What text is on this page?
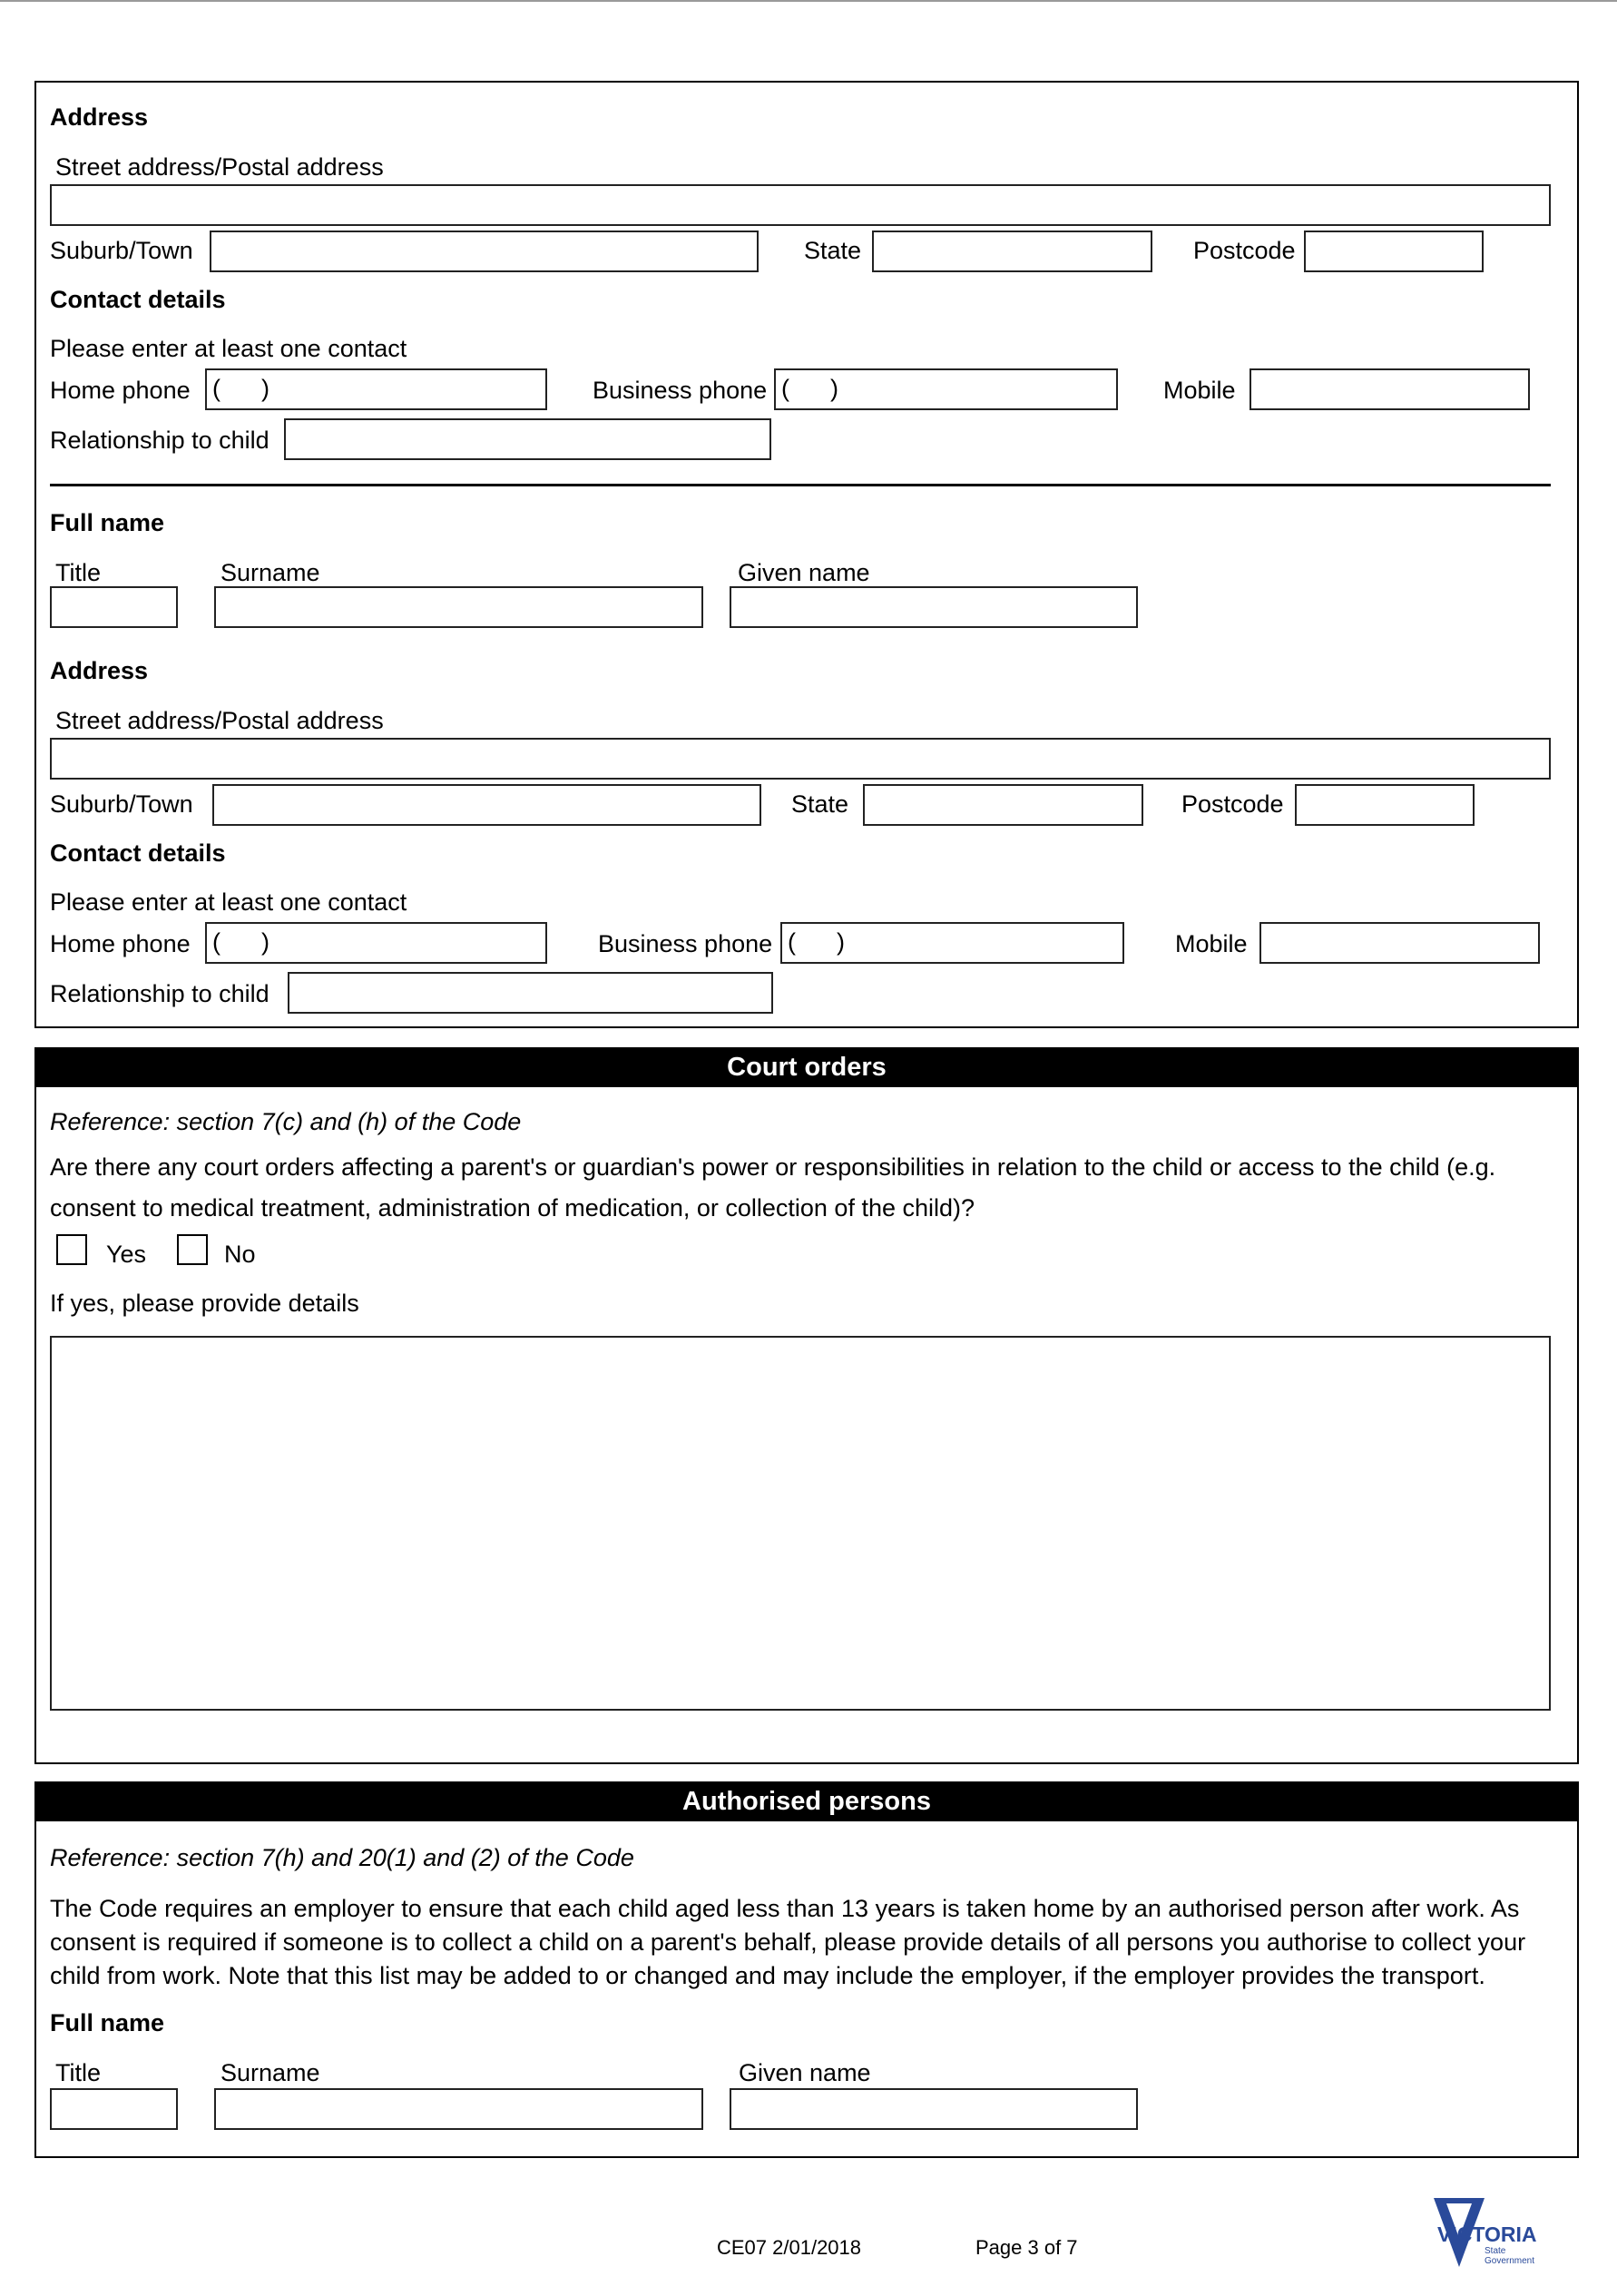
Address
Street address/Postal address
Suburb/Town	State	Postcode
Contact details
Please enter at least one contact
Home phone (      )	Business phone (      )	Mobile
Relationship to child
Full name
Title	Surname	Given name
Address
Street address/Postal address
Suburb/Town	State	Postcode
Contact details
Please enter at least one contact
Home phone (      )	Business phone (      )	Mobile
Relationship to child
Court orders
Reference: section 7(c) and (h) of the Code
Are there any court orders affecting a parent's or guardian's power or responsibilities in relation to the child or access to the child (e.g. consent to medical treatment, administration of medication, or collection of the child)?
Yes	No
If yes, please provide details
Authorised persons
Reference: section 7(h) and 20(1) and (2) of the Code
The Code requires an employer to ensure that each child aged less than 13 years is taken home by an authorised person after work. As consent is required if someone is to collect a child on a parent's behalf, please provide details of all persons you authorise to collect your child from work. Note that this list may be added to or changed and may include the employer, if the employer provides the transport.
Full name
Title	Surname	Given name
CE07 2/01/2018	Page 3 of 7
VICTORIA
State
Government
